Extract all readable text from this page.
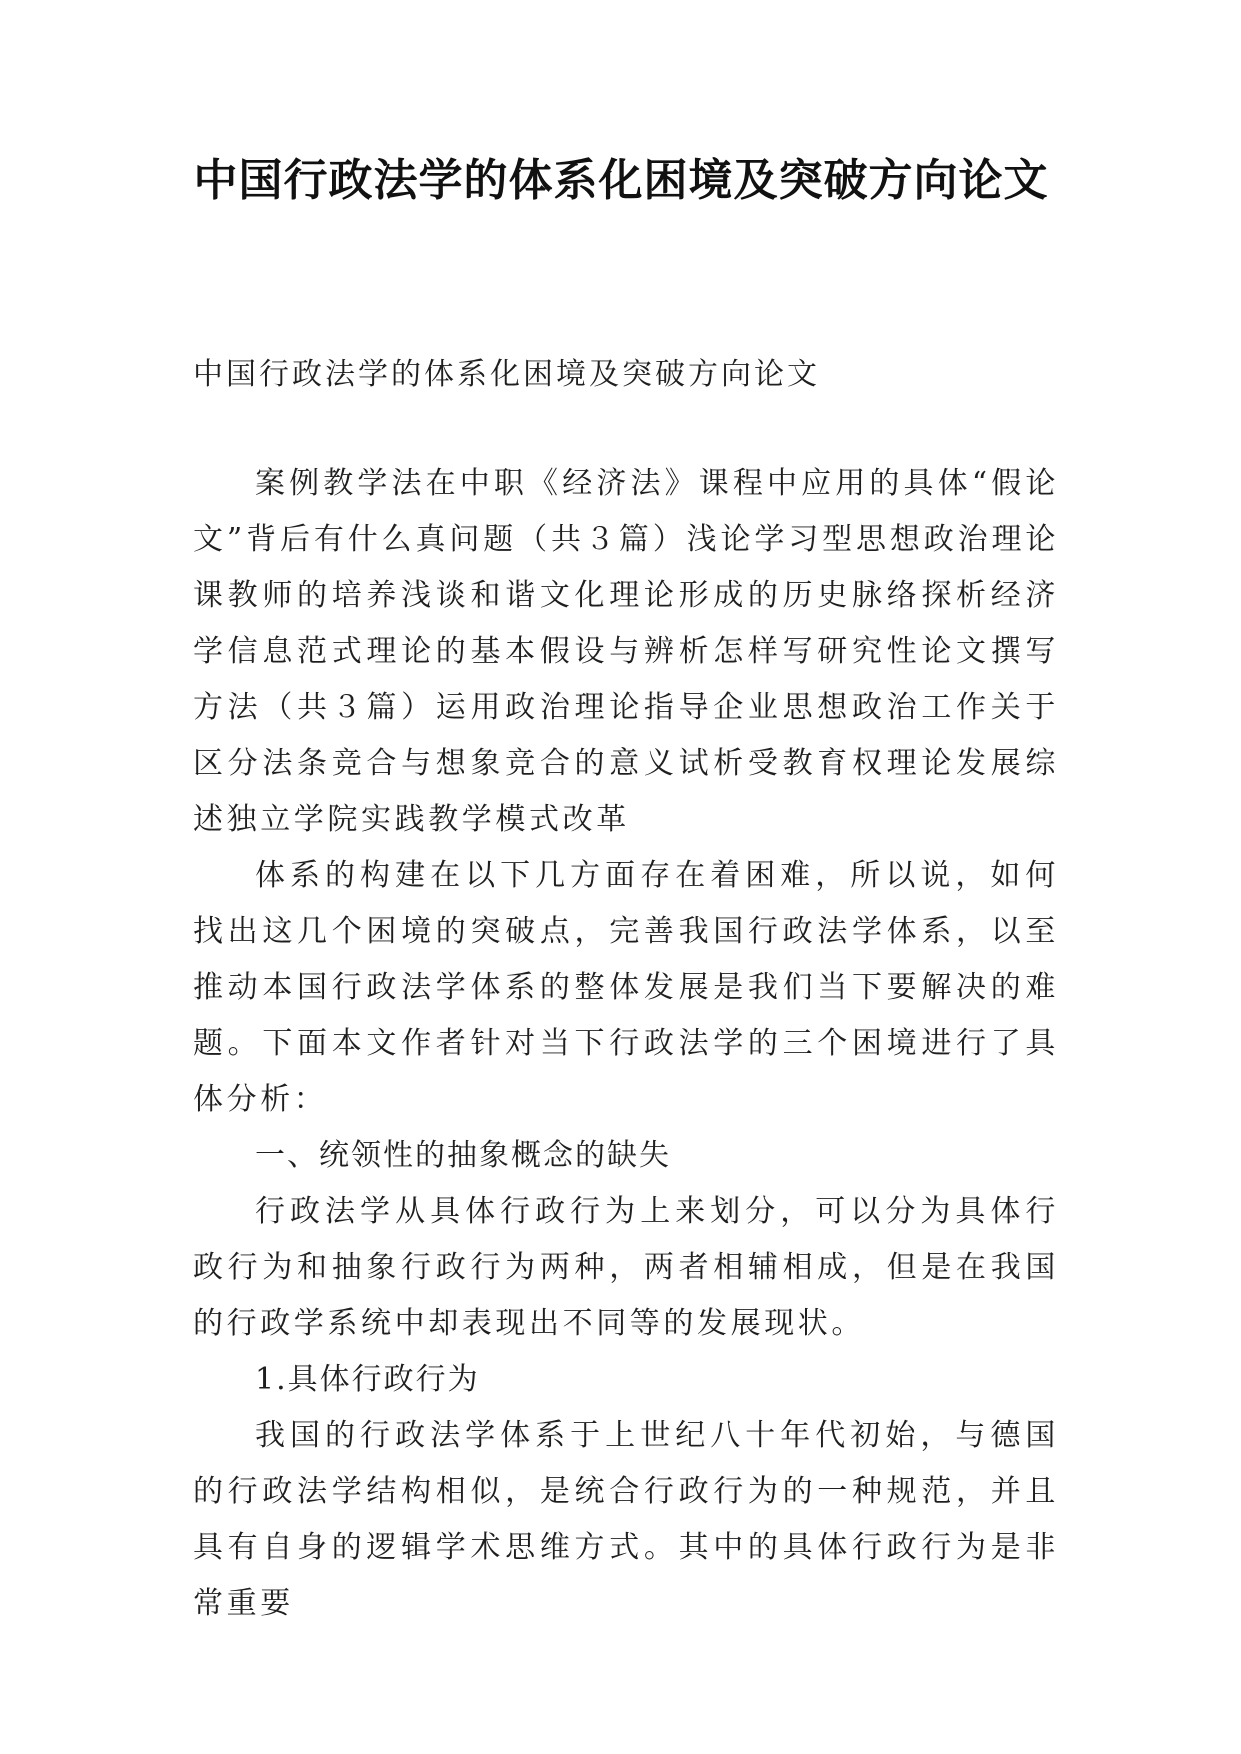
中国行政法学的体系化困境及突破方向论文

中国行政法学的体系化困境及突破方向论文

案例教学法在中职《经济法》课程中应用的具体“假论文”背后有什么真问题（共３篇）浅论学习型思想政治理论课教师的培养浅谈和谐文化理论形成的历史脉络探析经济学信息范式理论的基本假设与辨析怎样写研究性论文撰写方法（共３篇）运用政治理论指导企业思想政治工作关于区分法条竞合与想象竞合的意义试析受教育权理论发展综述独立学院实践教学模式改革

体系的构建在以下几方面存在着困难，所以说，如何找出这几个困境的突破点，完善我国行政法学体系，以至推动本国行政法学体系的整体发展是我们当下要解决的难题。下面本文作者针对当下行政法学的三个困境进行了具体分析：

一、统领性的抽象概念的缺失

行政法学从具体行政行为上来划分，可以分为具体行政行为和抽象行政行为两种，两者相辅相成，但是在我国的行政学系统中却表现出不同等的发展现状。

1.具体行政行为

我国的行政法学体系于上世纪八十年代初始，与德国的行政法学结构相似，是统合行政行为的一种规范，并且具有自身的逻辑学术思维方式。其中的具体行政行为是非常重要
